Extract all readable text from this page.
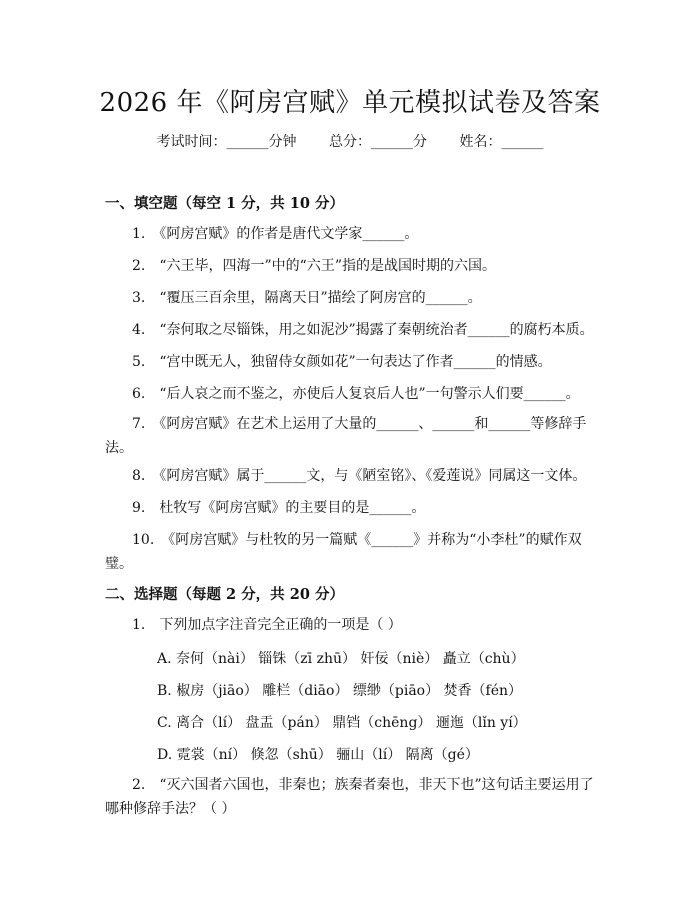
2026 年《阿房宫赋》单元模拟试卷及答案
考试时间：______分钟 总分：______分 姓名：______
一、填空题（每空 1 分，共 10 分）
1.　《阿房宫赋》的作者是唐代文学家______。
2.　“六王毕，四海一”中的“六王”指的是战国时期的六国。
3.　“覆压三百余里，隔离天日”描绘了阿房宫的______。
4.　“奈何取之尽锱铢，用之如泥沙”揭露了秦朝统治者______的腐朽本质。
5.　“宫中既无人，独留侍女颜如花”一句表达了作者______的情感。
6.　“后人哀之而不鉴之，亦使后人复哀后人也”一句警示人们要______。
7.　《阿房宫赋》在艺术上运用了大量的______、______和______等修辞手法。
8.　《阿房宫赋》属于______文，与《陋室铭》、《爱莲说》同属这一文体。
9.　杜牧写《阿房宫赋》的主要目的是______。
10.　《阿房宫赋》与杜牧的另一篇赋《______》并称为“小李杜”的赋作双璧。
二、选择题（每题 2 分，共 20 分）
1.　下列加点字注音完全正确的一项是（ ）
A. 奈何（nài） 锱铢（zī zhū） 奸佞（niè） 矗立（chù）
B. 椒房（jiāo） 雕栏（diāo） 缥缈（piāo） 焚香（fén）
C. 离合（lí） 盘盂（pán） 鼎铛（chēng） 逦迤（lǐn yí）
D. 霓裳（ní） 倏忽（shū） 骊山（lí） 隔离（gé）
2.　“灭六国者六国也，非秦也；族秦者秦也，非天下也”这句话主要运用了哪种修辞手法？（ ）
